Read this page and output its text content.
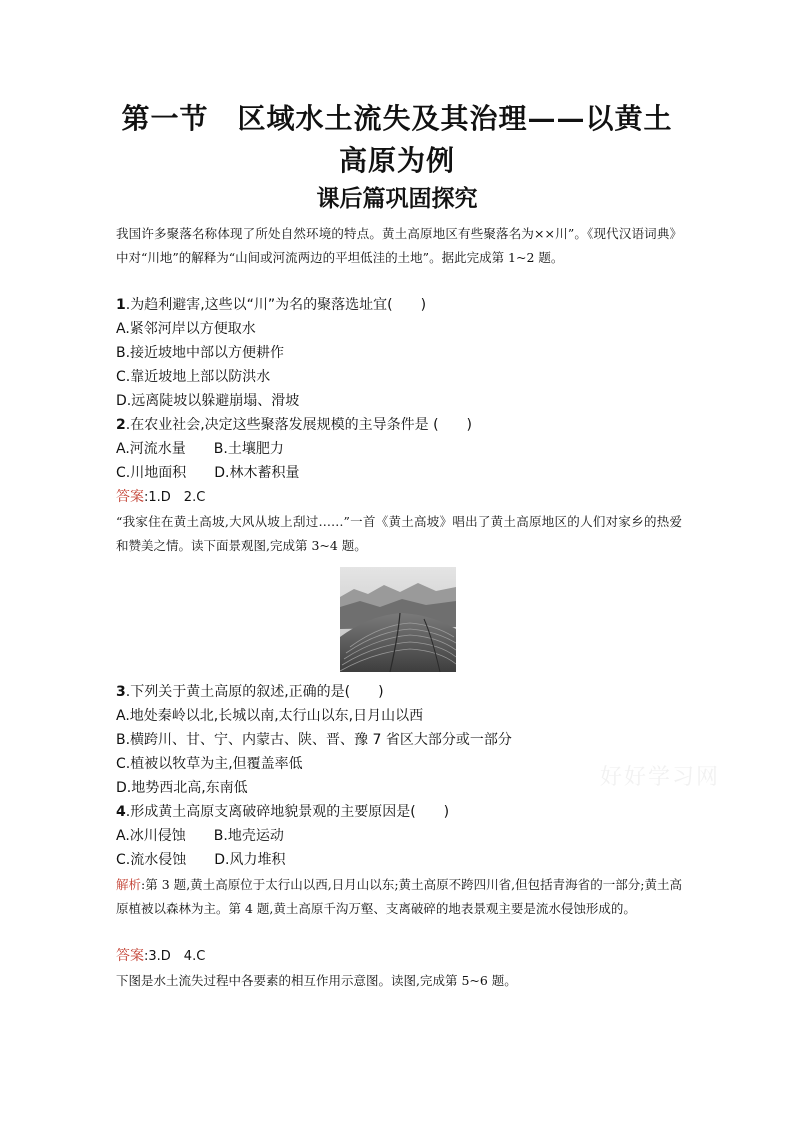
第一节　区域水土流失及其治理——以黄土
高原为例
课后篇巩固探究
我国许多聚落名称体现了所处自然环境的特点。黄土高原地区有些聚落名为××川”。《现代汉语词典》中对“川地”的解释为“山间或河流两边的平坦低洼的土地”。据此完成第 1~2 题。
1.为趋利避害,这些以“川”为名的聚落选址宜(　　)
A.紧邻河岸以方便取水
B.接近坡地中部以方便耕作
C.靠近坡地上部以防洪水
D.远离陡坡以躲避崩塌、滑坡
2.在农业社会,决定这些聚落发展规模的主导条件是 (　　)
A.河流水量 B.土壤肥力
C.川地面积 D.林木蓄积量
答案:1.D　2.C
“我家住在黄土高坡,大风从坡上刮过……”一首《黄土高坡》唱出了黄土高原地区的人们对家乡的热爱和赞美之情。读下面景观图,完成第 3~4 题。
3.下列关于黄土高原的叙述,正确的是(　　)
A.地处秦岭以北,长城以南,太行山以东,日月山以西
B.横跨川、甘、宁、内蒙古、陕、晋、豫 7 省区大部分或一部分
C.植被以牧草为主,但覆盖率低
D.地势西北高,东南低	好好学习网
4.形成黄土高原支离破碎地貌景观的主要原因是(　　)
A.冰川侵蚀 B.地壳运动
C.流水侵蚀 D.风力堆积
解析:第 3 题,黄土高原位于太行山以西,日月山以东;黄土高原不跨四川省,但包括青海省的一部分;黄土高原植被以森林为主。第 4 题,黄土高原千沟万壑、支离破碎的地表景观主要是流水侵蚀形成的。
答案:3.D　4.C
下图是水土流失过程中各要素的相互作用示意图。读图,完成第 5~6 题。
